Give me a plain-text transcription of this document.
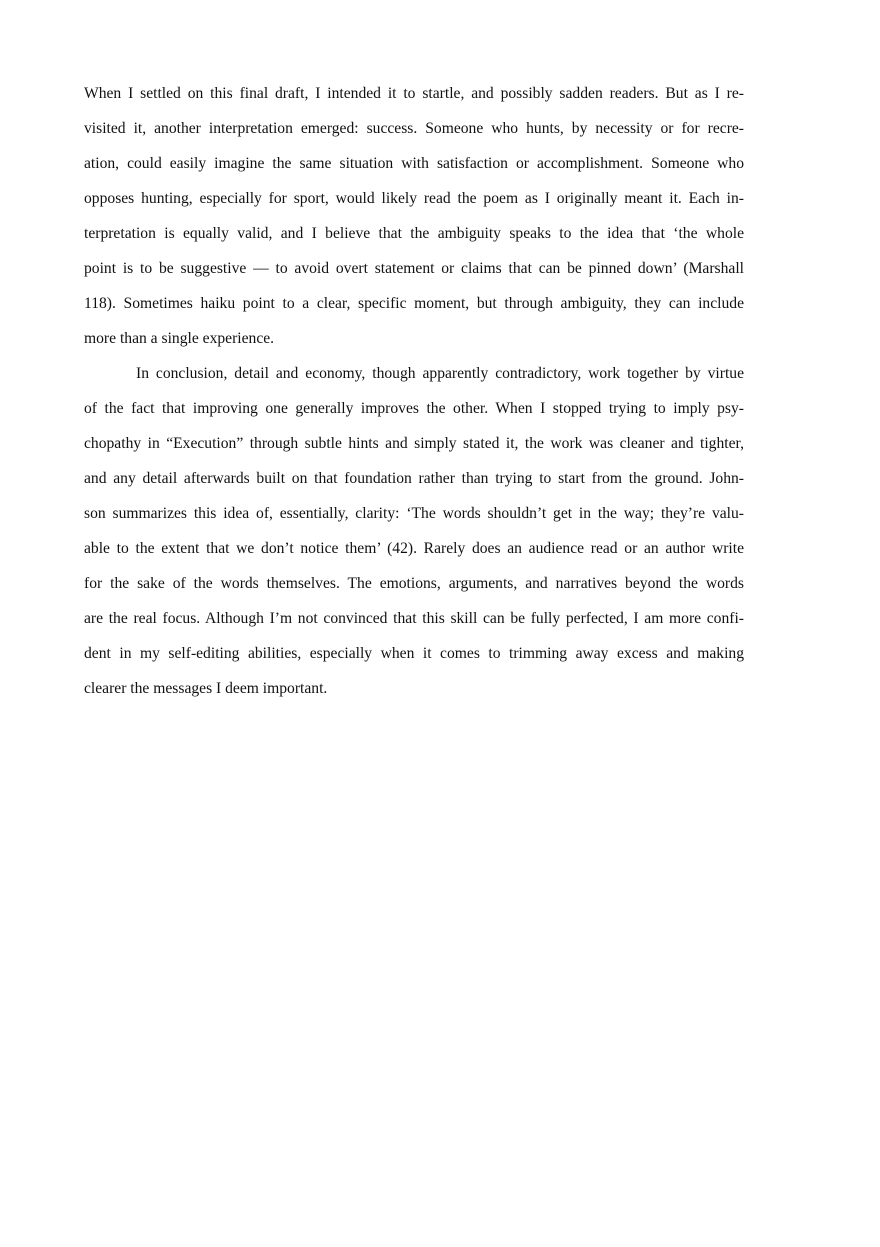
When I settled on this final draft, I intended it to startle, and possibly sadden readers. But as I re-
visited it, another interpretation emerged: success. Someone who hunts, by necessity or for recre-
ation, could easily imagine the same situation with satisfaction or accomplishment. Someone who
opposes hunting, especially for sport, would likely read the poem as I originally meant it. Each in-
terpretation is equally valid, and I believe that the ambiguity speaks to the idea that ‘the whole
point is to be suggestive — to avoid overt statement or claims that can be pinned down’ (Marshall
118). Sometimes haiku point to a clear, specific moment, but through ambiguity, they can include
more than a single experience.
In conclusion, detail and economy, though apparently contradictory, work together by virtue
of the fact that improving one generally improves the other. When I stopped trying to imply psy-
chopathy in “Execution” through subtle hints and simply stated it, the work was cleaner and tighter,
and any detail afterwards built on that foundation rather than trying to start from the ground. John-
son summarizes this idea of, essentially, clarity: ‘The words shouldn’t get in the way; they’re valu-
able to the extent that we don’t notice them’ (42). Rarely does an audience read or an author write
for the sake of the words themselves. The emotions, arguments, and narratives beyond the words
are the real focus. Although I’m not convinced that this skill can be fully perfected, I am more confi-
dent in my self-editing abilities, especially when it comes to trimming away excess and making
clearer the messages I deem important.
